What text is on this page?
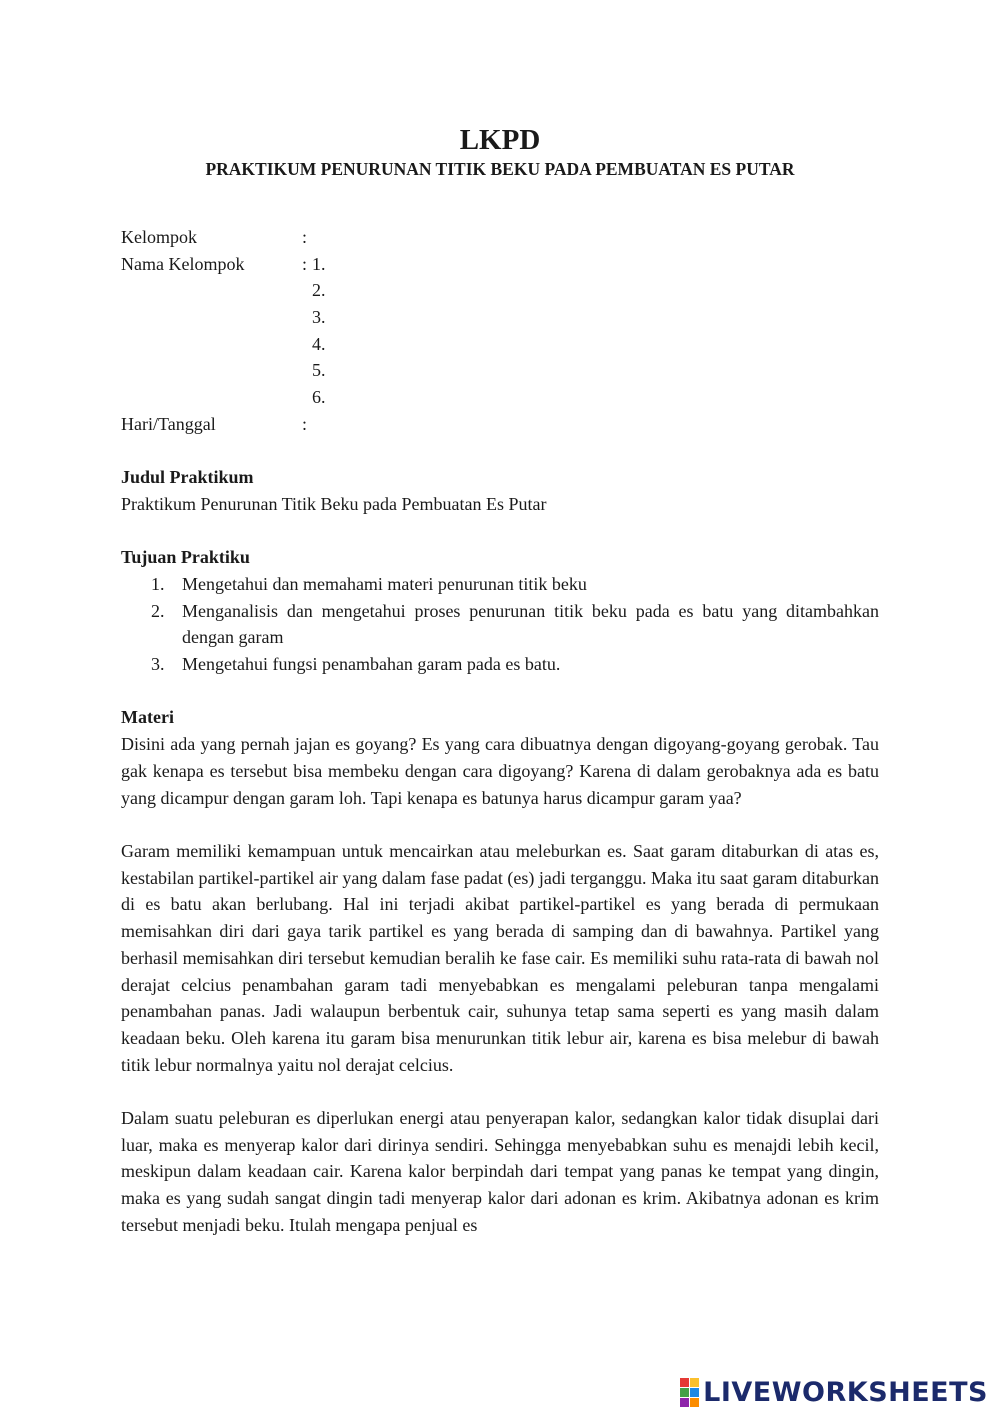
LKPD
PRAKTIKUM PENURUNAN TITIK BEKU PADA PEMBUATAN ES PUTAR
Kelompok	:
Nama Kelompok	: 1.
2.
3.
4.
5.
6.
Hari/Tanggal	:
Judul Praktikum

Praktikum Penurunan Titik Beku pada Pembuatan Es Putar

Tujuan Praktiku
1. Mengetahui dan memahami materi penurunan titik beku
2. Menganalisis dan mengetahui proses penurunan titik beku pada es batu yang ditambahkan dengan garam
3. Mengetahui fungsi penambahan garam pada es batu.
Materi

Disini ada yang pernah jajan es goyang? Es yang cara dibuatnya dengan digoyang-goyang gerobak. Tau gak kenapa es tersebut bisa membeku dengan cara digoyang? Karena di dalam gerobaknya ada es batu yang dicampur dengan garam loh. Tapi kenapa es batunya harus dicampur garam yaa?

Garam memiliki kemampuan untuk mencairkan atau meleburkan es. Saat garam ditaburkan di atas es, kestabilan partikel-partikel air yang dalam fase padat (es) jadi terganggu. Maka itu saat garam ditaburkan di es batu akan berlubang. Hal ini terjadi akibat partikel-partikel es yang berada di permukaan memisahkan diri dari gaya tarik partikel es yang berada di samping dan di bawahnya. Partikel yang berhasil memisahkan diri tersebut kemudian beralih ke fase cair. Es memiliki suhu rata-rata di bawah nol derajat celcius penambahan garam tadi menyebabkan es mengalami peleburan tanpa mengalami penambahan panas. Jadi walaupun berbentuk cair, suhunya tetap sama seperti es yang masih dalam keadaan beku. Oleh karena itu garam bisa menurunkan titik lebur air, karena es bisa melebur di bawah titik lebur normalnya yaitu nol derajat celcius.

Dalam suatu peleburan es diperlukan energi atau penyerapan kalor, sedangkan kalor tidak disuplai dari luar, maka es menyerap kalor dari dirinya sendiri. Sehingga menyebabkan suhu es menajdi lebih kecil, meskipun dalam keadaan cair. Karena kalor berpindah dari tempat yang panas ke tempat yang dingin, maka es yang sudah sangat dingin tadi menyerap kalor dari adonan es krim. Akibatnya adonan es krim tersebut menjadi beku. Itulah mengapa penjual es

LIVEWORKSHEETS
